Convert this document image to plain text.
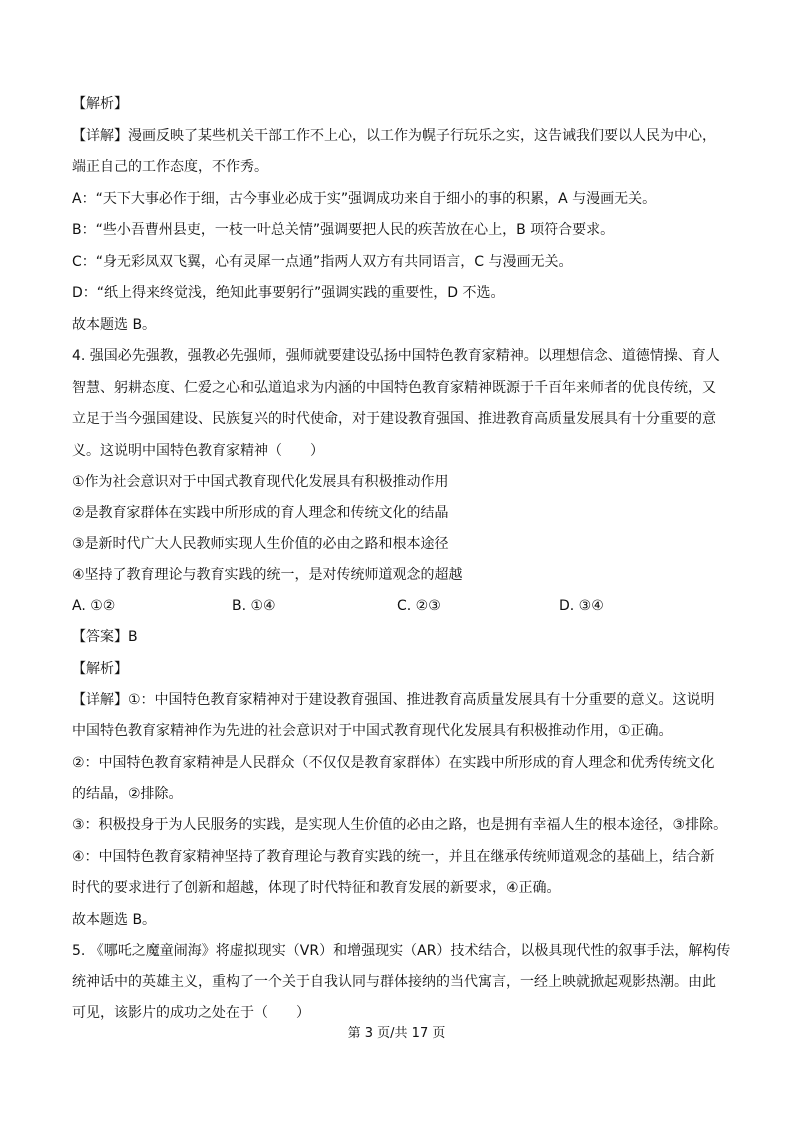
【解析】
【详解】漫画反映了某些机关干部工作不上心，以工作为幌子行玩乐之实，这告诫我们要以人民为中心，
端正自己的工作态度，不作秀。
A：“天下大事必作于细，古今事业必成于实”强调成功来自于细小的事的积累，A 与漫画无关。
B：“些小吾曹州县吏，一枝一叶总关情”强调要把人民的疾苦放在心上，B 项符合要求。
C：“身无彩凤双飞翼，心有灵犀一点通”指两人双方有共同语言，C 与漫画无关。
D：“纸上得来终觉浅，绝知此事要躬行”强调实践的重要性，D 不选。
故本题选 B。
4. 强国必先强教，强教必先强师，强师就要建设弘扬中国特色教育家精神。以理想信念、道德情操、育人
智慧、躬耕态度、仁爱之心和弘道追求为内涵的中国特色教育家精神既源于千百年来师者的优良传统，又
立足于当今强国建设、民族复兴的时代使命，对于建设教育强国、推进教育高质量发展具有十分重要的意
义。这说明中国特色教育家精神（　　）
①作为社会意识对于中国式教育现代化发展具有积极推动作用
②是教育家群体在实践中所形成的育人理念和传统文化的结晶
③是新时代广大人民教师实现人生价值的必由之路和根本途径
④坚持了教育理论与教育实践的统一，是对传统师道观念的超越
A. ①②	B. ①④	C. ②③	D. ③④
【答案】B
【解析】
【详解】①：中国特色教育家精神对于建设教育强国、推进教育高质量发展具有十分重要的意义。这说明
中国特色教育家精神作为先进的社会意识对于中国式教育现代化发展具有积极推动作用，①正确。
②：中国特色教育家精神是人民群众（不仅仅是教育家群体）在实践中所形成的育人理念和优秀传统文化
的结晶，②排除。
③：积极投身于为人民服务的实践，是实现人生价值的必由之路，也是拥有幸福人生的根本途径，③排除。
④：中国特色教育家精神坚持了教育理论与教育实践的统一，并且在继承传统师道观念的基础上，结合新
时代的要求进行了创新和超越，体现了时代特征和教育发展的新要求，④正确。
故本题选 B。
5. 《哪吒之魔童闹海》将虚拟现实（VR）和增强现实（AR）技术结合，以极具现代性的叙事手法，解构传
统神话中的英雄主义，重构了一个关于自我认同与群体接纳的当代寓言，一经上映就掀起观影热潮。由此
可见，该影片的成功之处在于（　　）
第 3 页/共 17 页
